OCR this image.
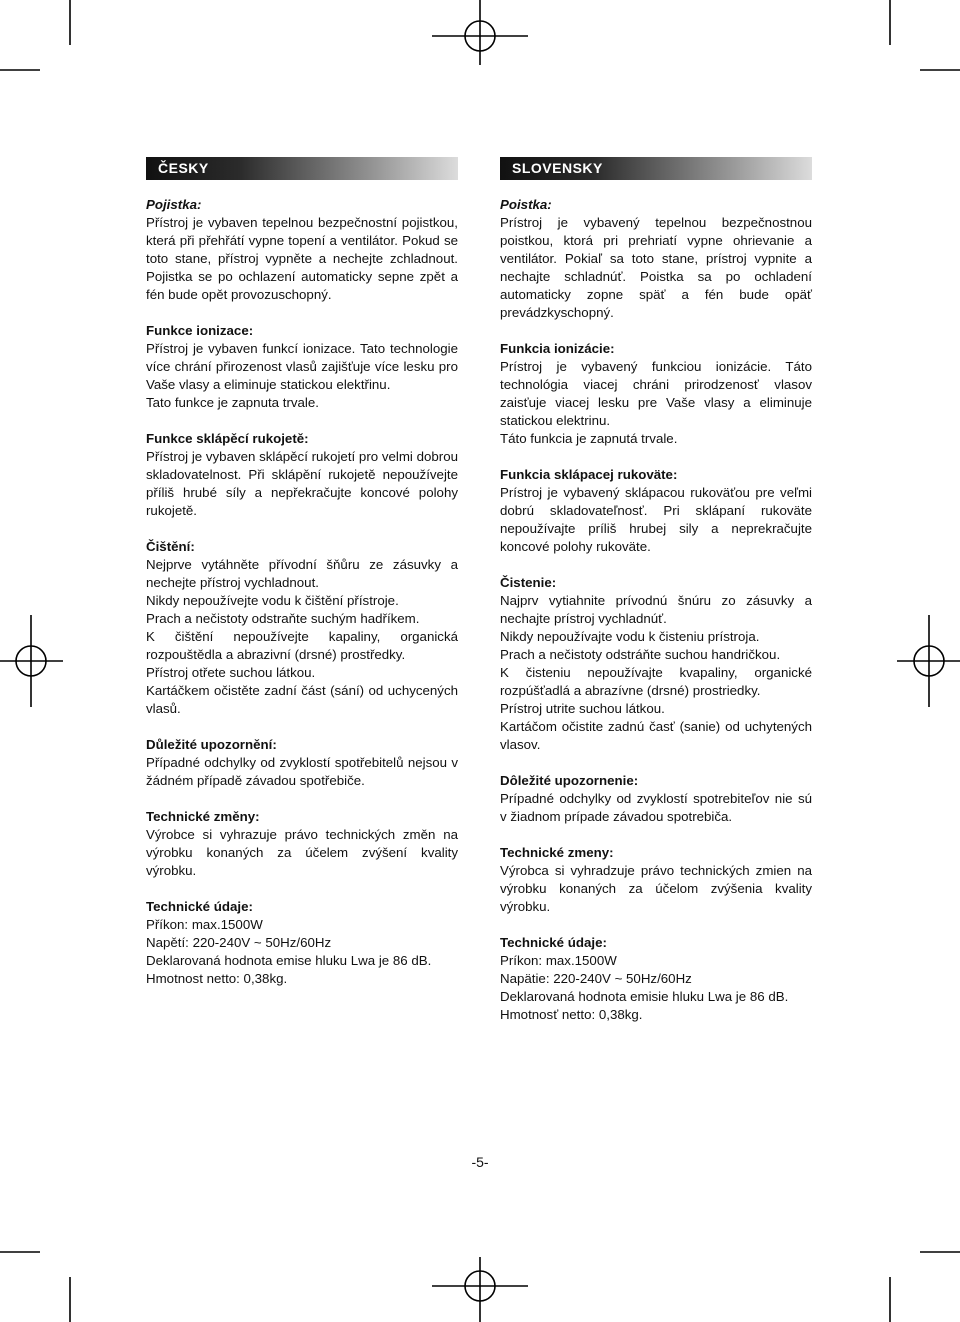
ČESKY
Pojistka:

Přístroj je vybaven tepelnou bezpečnostní pojistkou, která při přehřátí vypne topení a ventilátor. Pokud se toto stane, přístroj vypněte a nechejte zchladnout. Pojistka se po ochlazení automaticky sepne zpět a fén bude opět provozuschopný.

Funkce ionizace:

Přístroj je vybaven funkcí ionizace. Tato technologie více chrání přirozenost vlasů zajišťuje více lesku pro Vaše vlasy a eliminuje statickou elektřinu.

Tato funkce je zapnuta trvale.

Funkce sklápěcí rukojetě:

Přístroj je vybaven sklápěcí rukojetí pro velmi dobrou skladovatelnost. Při sklápění rukojetě nepoužívejte příliš hrubé síly a nepřekračujte koncové polohy rukojetě.

Čištění:

Nejprve vytáhněte přívodní šňůru ze zásuvky a nechejte přístroj vychladnout.

Nikdy nepoužívejte vodu k čištění přístroje.

Prach a nečistoty odstraňte suchým hadříkem.

K čištění nepoužívejte kapaliny, organická rozpouštědla a abrazivní (drsné) prostředky.

Přístroj otřete suchou látkou.

Kartáčkem očistěte zadní část (sání) od uchycených vlasů.

Důležité upozornění:

Případné odchylky od zvyklostí spotřebitelů nejsou v žádném případě závadou spotřebiče.

Technické změny:

Výrobce si vyhrazuje právo technických změn na výrobku konaných za účelem zvýšení kvality výrobku.

Technické údaje:

Příkon: max.1500W

Napětí: 220-240V ~ 50Hz/60Hz

Deklarovaná hodnota emise hluku Lwa je 86 dB.

Hmotnost netto: 0,38kg.

SLOVENSKY
Poistka:

Prístroj je vybavený tepelnou bezpečnostnou poistkou, ktorá pri prehriatí vypne ohrievanie a ventilátor. Pokiaľ sa toto stane, prístroj vypnite a nechajte schladnúť. Poistka sa po ochladení automaticky zopne späť a fén bude opäť prevádzkyschopný.

Funkcia ionizácie:

Prístroj je vybavený funkciou ionizácie. Táto technológia viacej chráni prirodzenosť vlasov zaisťuje viacej lesku pre Vaše vlasy a eliminuje statickou elektrinu.

Táto funkcia je zapnutá trvale.

Funkcia sklápacej rukoväte:

Prístroj je vybavený sklápacou rukoväťou pre veľmi dobrú skladovateľnosť. Pri sklápaní rukoväte nepoužívajte príliš hrubej sily a neprekračujte koncové polohy rukoväte.

Čistenie:

Najprv vytiahnite prívodnú šnúru zo zásuvky a nechajte prístroj vychladnúť.

Nikdy nepoužívajte vodu k čisteniu prístroja.

Prach a nečistoty odstráňte suchou handričkou.

K čisteniu nepoužívajte kvapaliny, organické rozpúšťadlá a abrazívne (drsné) prostriedky.

Prístroj utrite suchou látkou.

Kartáčom očistite zadnú časť (sanie) od uchytených vlasov.

Dôležité upozornenie:

Prípadné odchylky od zvyklostí spotrebiteľov nie sú v žiadnom prípade závadou spotrebiča.

Technické zmeny:

Výrobca si vyhradzuje právo technických zmien na výrobku konaných za účelom zvýšenia kvality výrobku.

Technické údaje:

Príkon: max.1500W

Napätie: 220-240V ~ 50Hz/60Hz

Deklarovaná hodnota emisie hluku Lwa je 86 dB.

Hmotnosť netto: 0,38kg.

-5-
